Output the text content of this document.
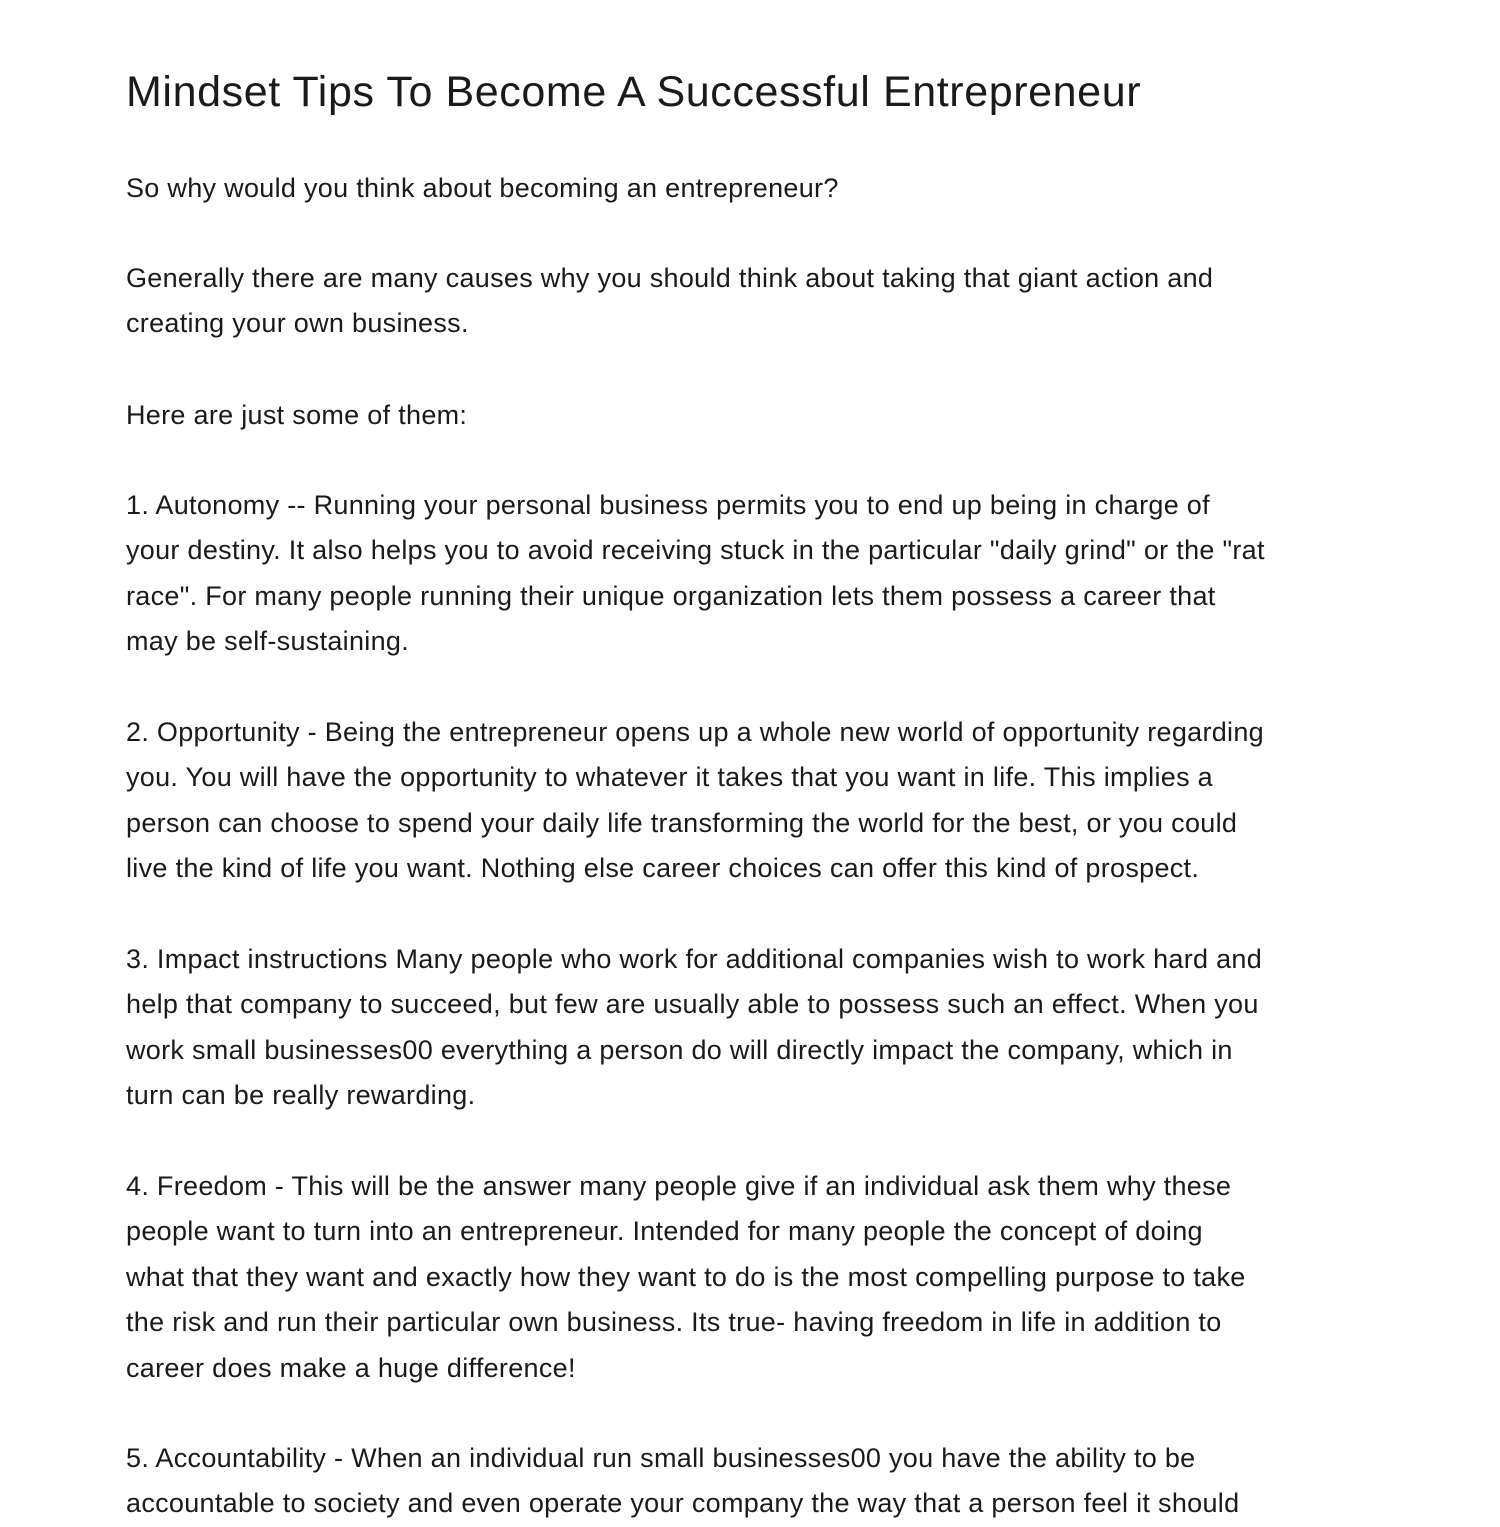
Mindset Tips To Become A Successful Entrepreneur

So why would you think about becoming an entrepreneur?

Generally there are many causes why you should think about taking that giant action and
creating your own business.

Here are just some of them:

1. Autonomy -- Running your personal business permits you to end up being in charge of
your destiny. It also helps you to avoid receiving stuck in the particular "daily grind" or the "rat
race". For many people running their unique organization lets them possess a career that
may be self-sustaining.

2. Opportunity - Being the entrepreneur opens up a whole new world of opportunity regarding
you. You will have the opportunity to whatever it takes that you want in life. This implies a
person can choose to spend your daily life transforming the world for the best, or you could
live the kind of life you want. Nothing else career choices can offer this kind of prospect.

3. Impact instructions Many people who work for additional companies wish to work hard and
help that company to succeed, but few are usually able to possess such an effect. When you
work small businesses00 everything a person do will directly impact the company, which in
turn can be really rewarding.

4. Freedom - This will be the answer many people give if an individual ask them why these
people want to turn into an entrepreneur. Intended for many people the concept of doing
what that they want and exactly how they want to do is the most compelling purpose to take
the risk and run their particular own business. Its true- having freedom in life in addition to
career does make a huge difference!

5. Accountability - When an individual run small businesses00 you have the ability to be
accountable to society and even operate your company the way that a person feel it should
